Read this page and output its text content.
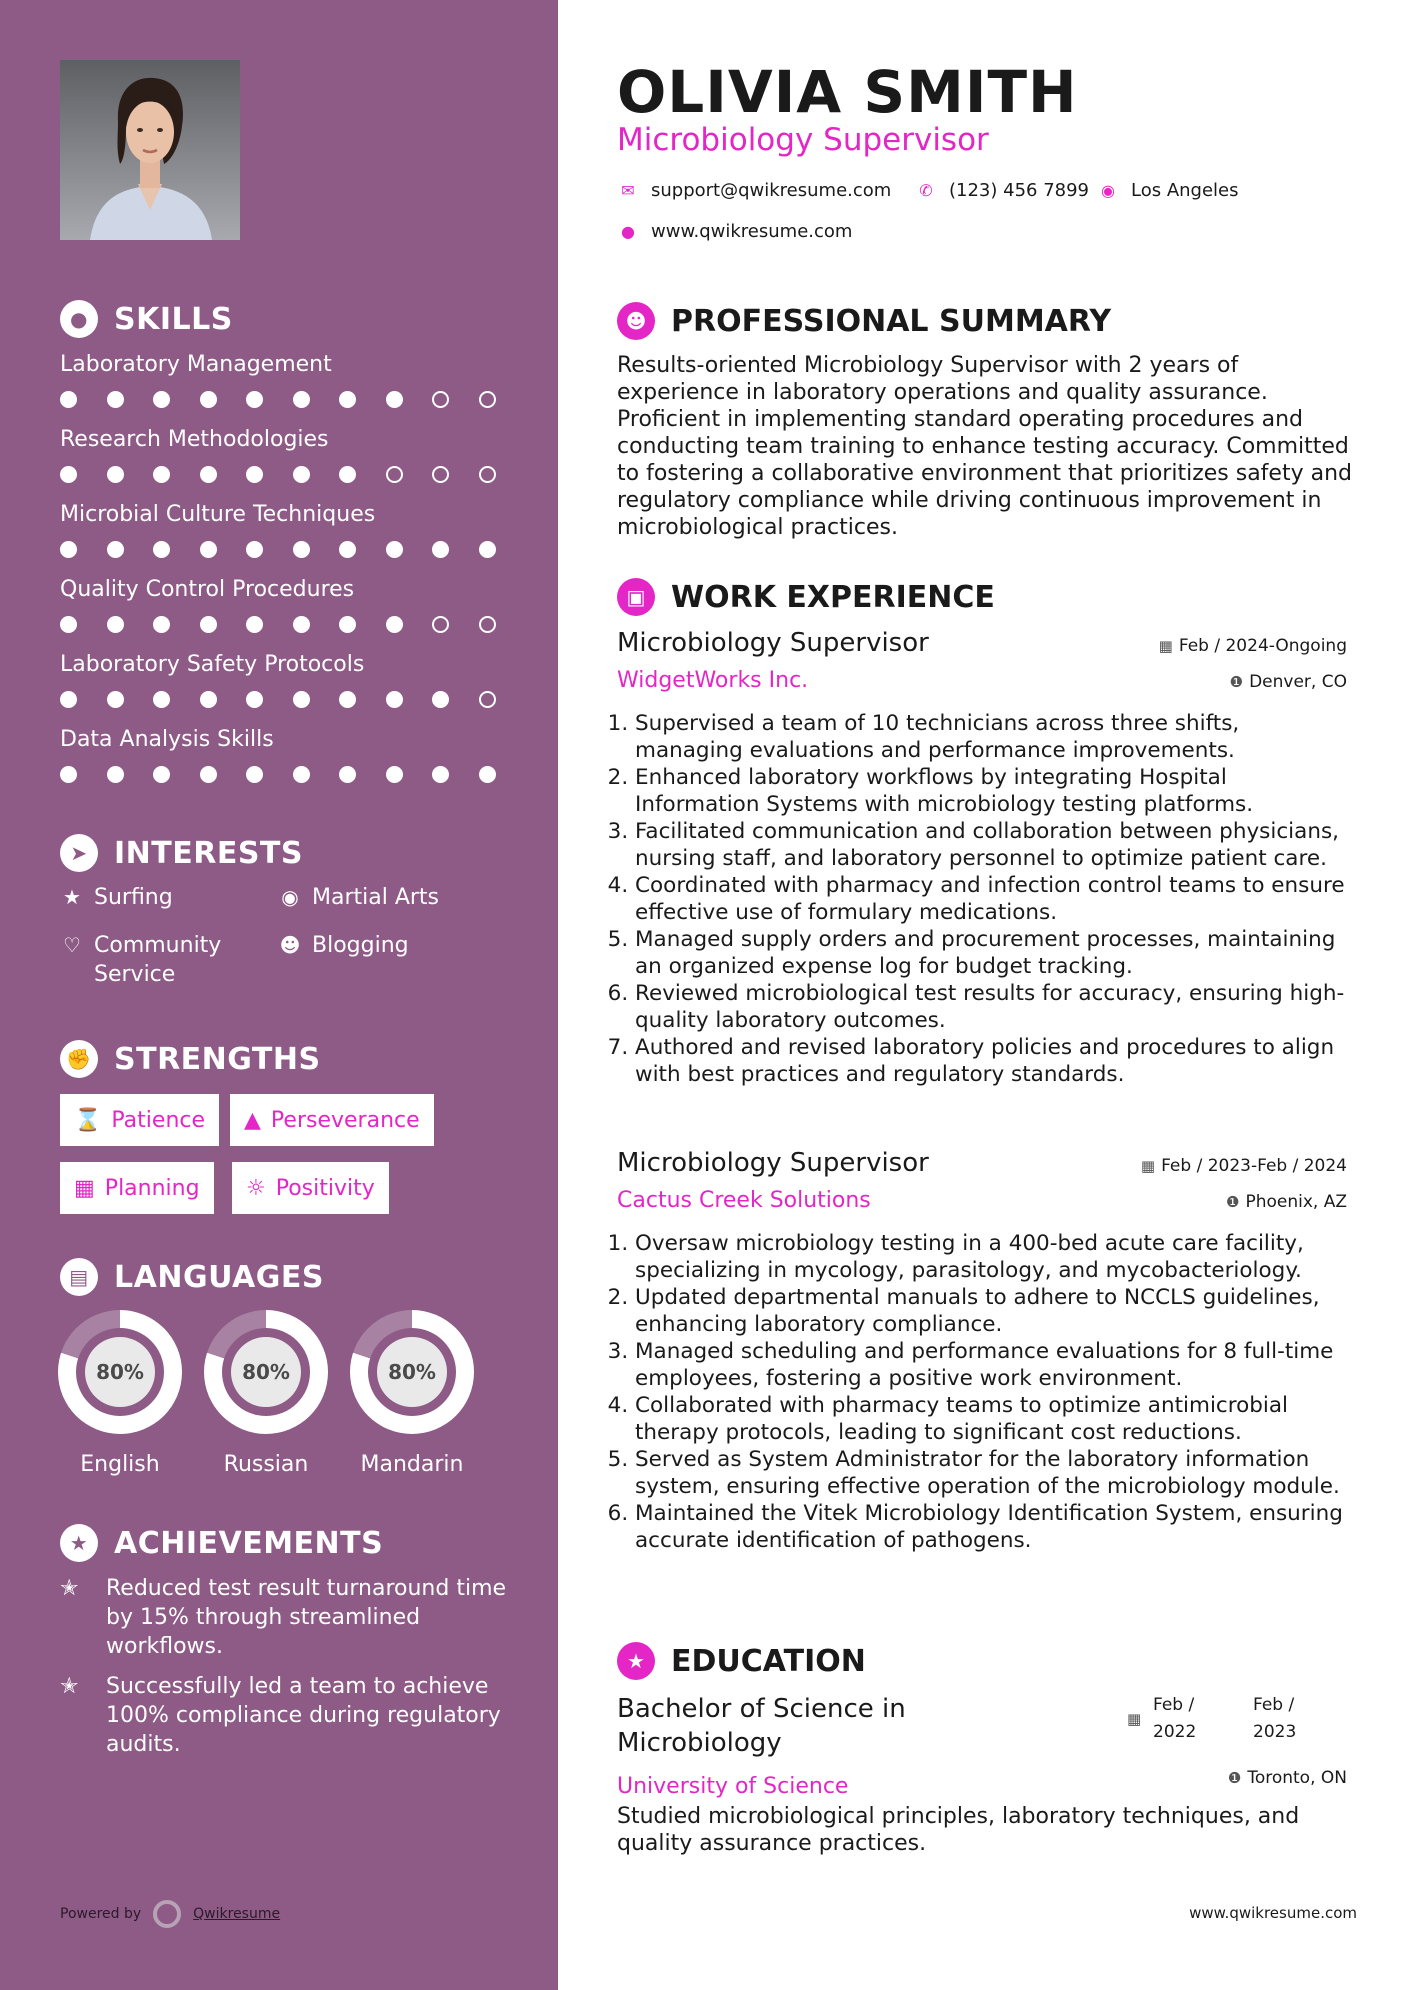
● SKILLS
Laboratory Management
Research Methodologies
Microbial Culture Techniques
Quality Control Procedures
Laboratory Safety Protocols
Data Analysis Skills
➤ INTERESTS
★ Surfing	◉ Martial Arts
♡ Community Service
☻ Blogging
✊ STRENGTHS
⌛ Patience ▲ Perseverance
▦ Planning ☼ Positivity
▤ LANGUAGES
80%
English
80%
Russian
80%
Mandarin
★ ACHIEVEMENTS
✭	Reduced test result turnaround time by 15% through streamlined workflows.
✭	Successfully led a team to achieve 100% compliance during regulatory audits.
Powered by	Qwikresume
OLIVIA SMITH
Microbiology Supervisor
✉ support@qwikresume.com ✆ (123) 456 7899 ◉ Los Angeles
● www.qwikresume.com
☻ PROFESSIONAL SUMMARY
Results-oriented Microbiology Supervisor with 2 years of experience in laboratory operations and quality assurance. Proficient in implementing standard operating procedures and conducting team training to enhance testing accuracy. Committed to fostering a collaborative environment that prioritizes safety and regulatory compliance while driving continuous improvement in microbiological practices.
▣ WORK EXPERIENCE
Microbiology Supervisor
WidgetWorks Inc.
▦ Feb / 2024-Ongoing
❶ Denver, CO
1. Supervised a team of 10 technicians across three shifts, managing evaluations and performance improvements.
2. Enhanced laboratory workflows by integrating Hospital Information Systems with microbiology testing platforms.
3. Facilitated communication and collaboration between physicians, nursing staff, and laboratory personnel to optimize patient care.
4. Coordinated with pharmacy and infection control teams to ensure effective use of formulary medications.
5. Managed supply orders and procurement processes, maintaining an organized expense log for budget tracking.
6. Reviewed microbiological test results for accuracy, ensuring high-quality laboratory outcomes.
7. Authored and revised laboratory policies and procedures to align with best practices and regulatory standards.
Microbiology Supervisor
Cactus Creek Solutions
▦ Feb / 2023-Feb / 2024
❶ Phoenix, AZ
1. Oversaw microbiology testing in a 400-bed acute care facility, specializing in mycology, parasitology, and mycobacteriology.
2. Updated departmental manuals to adhere to NCCLS guidelines, enhancing laboratory compliance.
3. Managed scheduling and performance evaluations for 8 full-time employees, fostering a positive work environment.
4. Collaborated with pharmacy teams to optimize antimicrobial therapy protocols, leading to significant cost reductions.
5. Served as System Administrator for the laboratory information system, ensuring effective operation of the microbiology module.
6. Maintained the Vitek Microbiology Identification System, ensuring accurate identification of pathogens.
★ EDUCATION
Bachelor of Science in Microbiology
University of Science
▦
Feb /
2022
Feb /
2023
❶ Toronto, ON
Studied microbiological principles, laboratory techniques, and quality assurance practices.
www.qwikresume.com
